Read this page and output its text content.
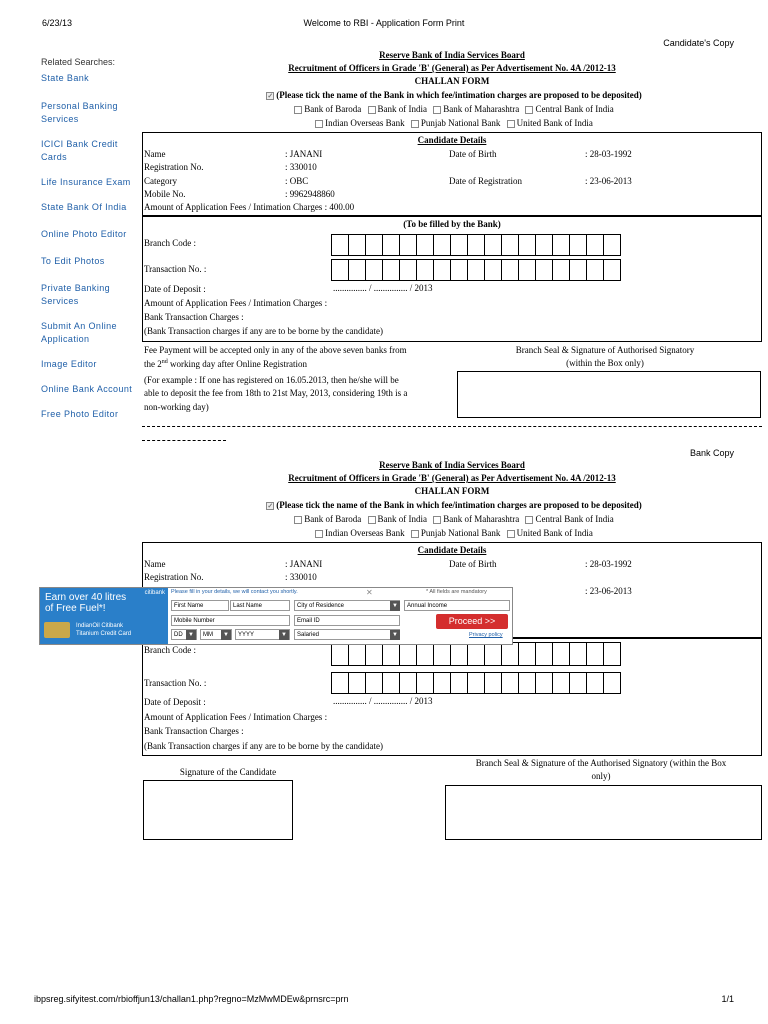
6/23/13	Welcome to RBI - Application Form Print
Related Searches:
State Bank
Personal Banking Services
ICICI Bank Credit Cards
Life Insurance Exam
State Bank Of India
Online Photo Editor
To Edit Photos
Private Banking Services
Submit An Online Application
Image Editor
Online Bank Account
Free Photo Editor
Candidate's Copy
Reserve Bank of India Services Board
Recruitment of Officers in Grade 'B' (General) as Per Advertisement No. 4A /2012-13
CHALLAN FORM
✓ (Please tick the name of the Bank in which fee/intimation charges are proposed to be deposited)
Bank of Baroda Bank of India Bank of Maharashtra Central Bank of India
Indian Overseas Bank Punjab National Bank United Bank of India
Candidate Details
Name	: JANANI	Date of Birth	: 28-03-1992
Registration No.	: 330010
Category	: OBC	Date of Registration	: 23-06-2013
Mobile No.	: 9962948860
Amount of Application Fees / Intimation Charges : 400.00
(To be filled by the Bank)
Branch Code :
Transaction No. :
Date of Deposit :	............... / ............... / 2013
Amount of Application Fees / Intimation Charges :
Bank Transaction Charges :
(Bank Transaction charges if any are to be borne by the candidate)
Fee Payment will be accepted only in any of the above seven banks from
the 2nd working day after Online Registration
(For example : If one has registered on 16.05.2013, then he/she will be
able to deposit the fee from 18th to 21st May, 2013, considering 19th is a
non-working day)
Branch Seal & Signature of Authorised Signatory
(within the Box only)
Bank Copy
Reserve Bank of India Services Board
Recruitment of Officers in Grade 'B' (General) as Per Advertisement No. 4A /2012-13
CHALLAN FORM
✓ (Please tick the name of the Bank in which fee/intimation charges are proposed to be deposited)
Bank of Baroda Bank of India Bank of Maharashtra Central Bank of India
Indian Overseas Bank Punjab National Bank United Bank of India
Candidate Details
Name	: JANANI	Date of Birth	: 28-03-1992
Registration No.	: 330010
: 23-06-2013
Branch Code :
Transaction No. :
Date of Deposit :	............... / ............... / 2013
Amount of Application Fees / Intimation Charges :
Bank Transaction Charges :
(Bank Transaction charges if any are to be borne by the candidate)
Signature of the Candidate
Branch Seal & Signature of the Authorised Signatory (within the Box
only)
Earn over 40 litres
of Free Fuel*!
citibank
IndianOil Citibank
Titanium Credit Card
Please fill in your details, we will contact you shortly.	✕	* All fields are mandatory
First Name	Last Name	City of Residence	▼	Annual Income
Mobile Number	Email ID
DD ▼	MM	▼	YYYY	▼	Salaried	▼
Proceed >>
Privacy policy
ibpsreg.sifyitest.com/rbioffjun13/challan1.php?regno=MzMwMDEw&prnsrc=prn	1/1
